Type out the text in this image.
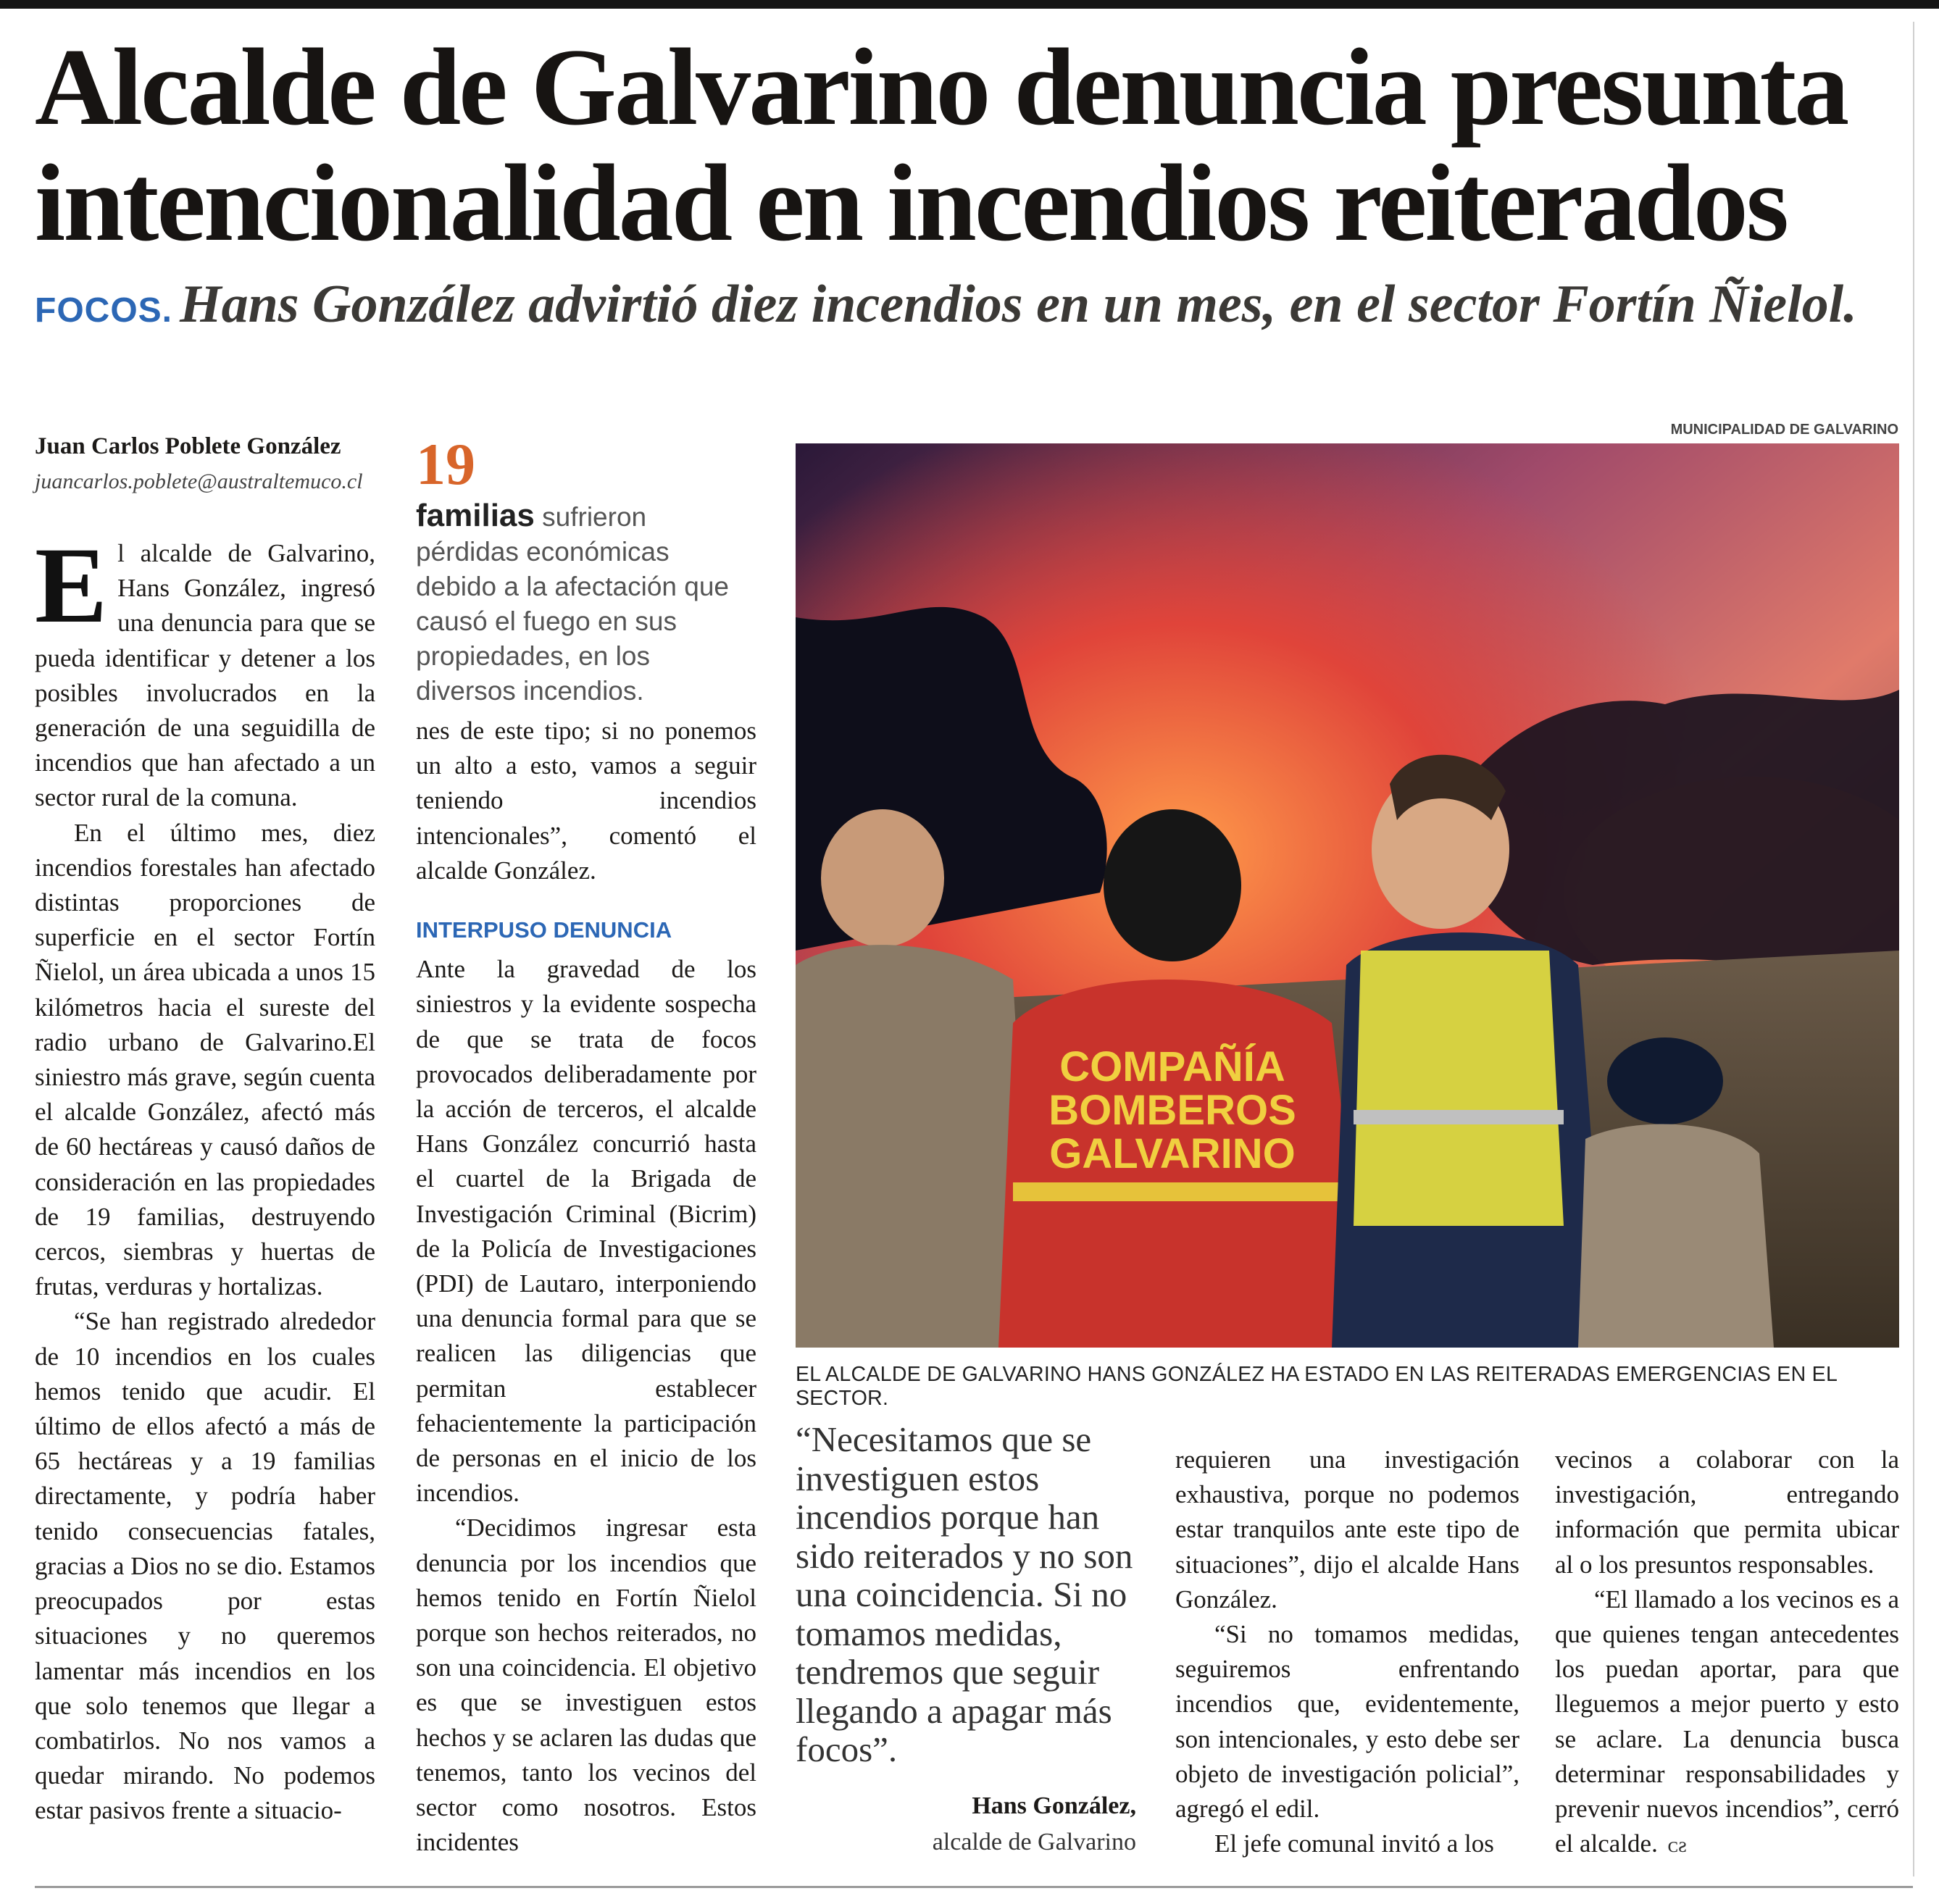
Alcalde de Galvarino denuncia presunta intencionalidad en incendios reiterados

FOCOS. Hans González advirtió diez incendios en un mes, en el sector Fortín Ñielol.

Juan Carlos Poblete González
juancarlos.poblete@australtemuco.cl 19

familias sufrieron pérdidas económicas debido a la afectación que causó el fuego en sus propiedades, en los diversos incendios.

El alcalde de Galvarino, Hans González, ingresó una denuncia para que se pueda identificar y detener a los posibles involucrados en la generación de una seguidilla de incendios que han afectado a un sector rural de la comuna.

En el último mes, diez incendios forestales han afectado distintas proporciones de superficie en el sector Fortín Ñielol, un área ubicada a unos 15 kilómetros hacia el sureste del radio urbano de Galvarino.El siniestro más grave, según cuenta el alcalde González, afectó más de 60 hectáreas y causó daños de consideración en las propiedades de 19 familias, destruyendo cercos, siembras y huertas de frutas, verduras y hortalizas.

“Se han registrado alrededor de 10 incendios en los cuales hemos tenido que acudir. El último de ellos afectó a más de 65 hectáreas y a 19 familias directamente, y podría haber tenido consecuencias fatales, gracias a Dios no se dio. Estamos preocupados por estas situaciones y no queremos lamentar más incendios en los que solo tenemos que llegar a combatirlos. No nos vamos a quedar mirando. No podemos estar pasivos frente a situacio-

nes de este tipo; si no ponemos un alto a esto, vamos a seguir teniendo incendios intencionales”, comentó el alcalde González.

INTERPUSO DENUNCIA

Ante la gravedad de los siniestros y la evidente sospecha de que se trata de focos provocados deliberadamente por la acción de terceros, el alcalde Hans González concurrió hasta el cuartel de la Brigada de Investigación Criminal (Bicrim) de la Policía de Investigaciones (PDI) de Lautaro, interponiendo una denuncia formal para que se realicen las diligencias que permitan establecer fehacientemente la participación de personas en el inicio de los incendios.

“Decidimos ingresar esta denuncia por los incendios que hemos tenido en Fortín Ñielol porque son hechos reiterados, no son una coincidencia. El objetivo es que se investiguen estos hechos y se aclaren las dudas que tenemos, tanto los vecinos del sector como nosotros. Estos incidentes

MUNICIPALIDAD DE GALVARINO
COMPAÑÍA
BOMBEROS
GALVARINO
EL ALCALDE DE GALVARINO HANS GONZÁLEZ HA ESTADO EN LAS REITERADAS EMERGENCIAS EN EL SECTOR.

“Necesitamos que se investiguen estos incendios porque han sido reiterados y no son una coincidencia. Si no tomamos medidas, tendremos que seguir llegando a apagar más focos”.

Hans González,
alcalde de Galvarino

requieren una investigación exhaustiva, porque no podemos estar tranquilos ante este tipo de situaciones”, dijo el alcalde Hans González.

“Si no tomamos medidas, seguiremos enfrentando incendios que, evidentemente, son intencionales, y esto debe ser objeto de investigación policial”, agregó el edil.

El jefe comunal invitó a los

vecinos a colaborar con la investigación, entregando información que permita ubicar al o los presuntos responsables.

“El llamado a los vecinos es a que quienes tengan antecedentes los puedan aportar, para que lleguemos a mejor puerto y esto se aclare. La denuncia busca determinar responsabilidades y prevenir nuevos incendios”, cerró el alcalde. ᴄƨ
